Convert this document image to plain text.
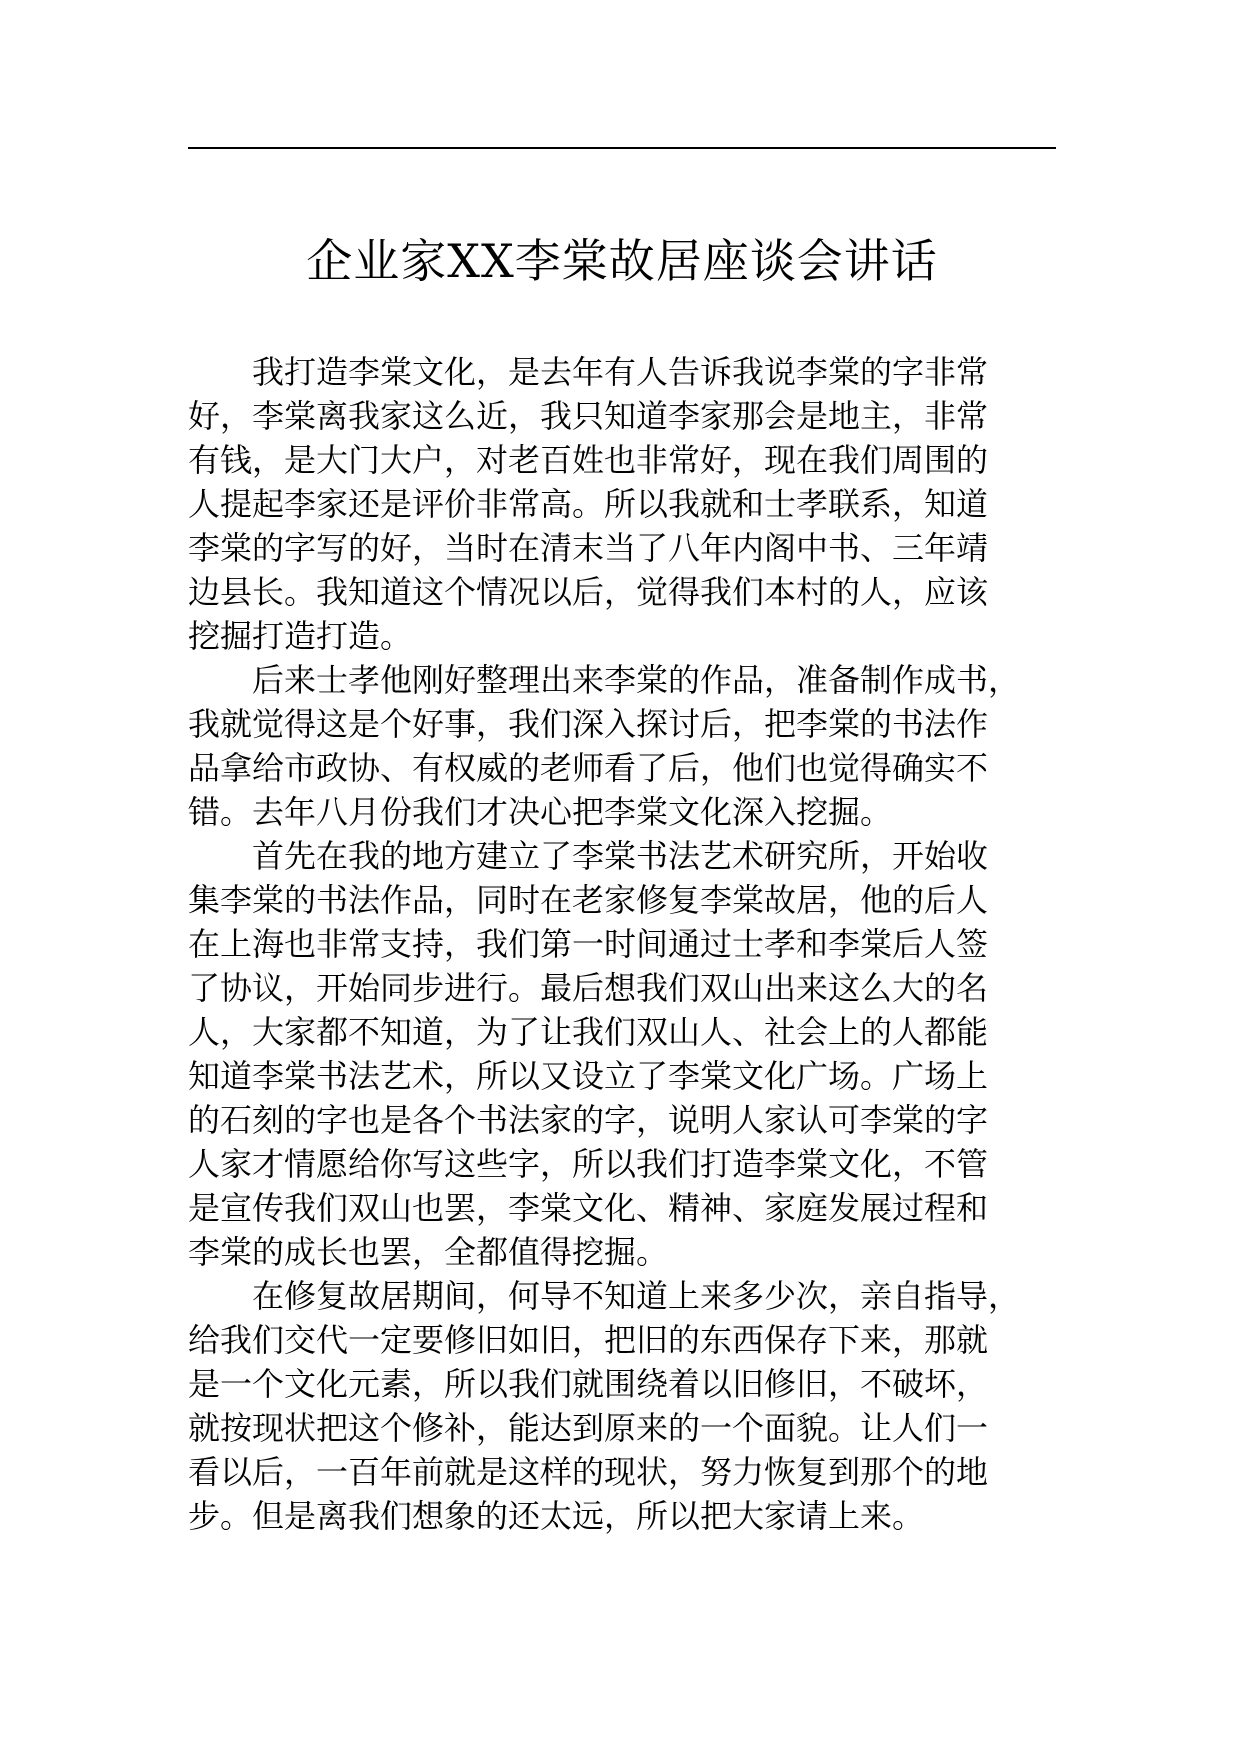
企业家XX李棠故居座谈会讲话

我打造李棠文化，是去年有人告诉我说李棠的字非常
好，李棠离我家这么近，我只知道李家那会是地主，非常
有钱，是大门大户，对老百姓也非常好，现在我们周围的
人提起李家还是评价非常高。所以我就和士孝联系，知道
李棠的字写的好，当时在清末当了八年内阁中书、三年靖
边县长。我知道这个情况以后，觉得我们本村的人，应该
挖掘打造打造。

后来士孝他刚好整理出来李棠的作品，准备制作成书，
我就觉得这是个好事，我们深入探讨后，把李棠的书法作
品拿给市政协、有权威的老师看了后，他们也觉得确实不
错。去年八月份我们才决心把李棠文化深入挖掘。

首先在我的地方建立了李棠书法艺术研究所，开始收
集李棠的书法作品，同时在老家修复李棠故居，他的后人
在上海也非常支持，我们第一时间通过士孝和李棠后人签
了协议，开始同步进行。最后想我们双山出来这么大的名
人，大家都不知道，为了让我们双山人、社会上的人都能
知道李棠书法艺术，所以又设立了李棠文化广场。广场上
的石刻的字也是各个书法家的字，说明人家认可李棠的字
人家才情愿给你写这些字，所以我们打造李棠文化，不管
是宣传我们双山也罢，李棠文化、精神、家庭发展过程和
李棠的成长也罢，全都值得挖掘。

在修复故居期间，何导不知道上来多少次，亲自指导，
给我们交代一定要修旧如旧，把旧的东西保存下来，那就
是一个文化元素，所以我们就围绕着以旧修旧，不破坏，
就按现状把这个修补，能达到原来的一个面貌。让人们一
看以后，一百年前就是这样的现状，努力恢复到那个的地
步。但是离我们想象的还太远，所以把大家请上来。
